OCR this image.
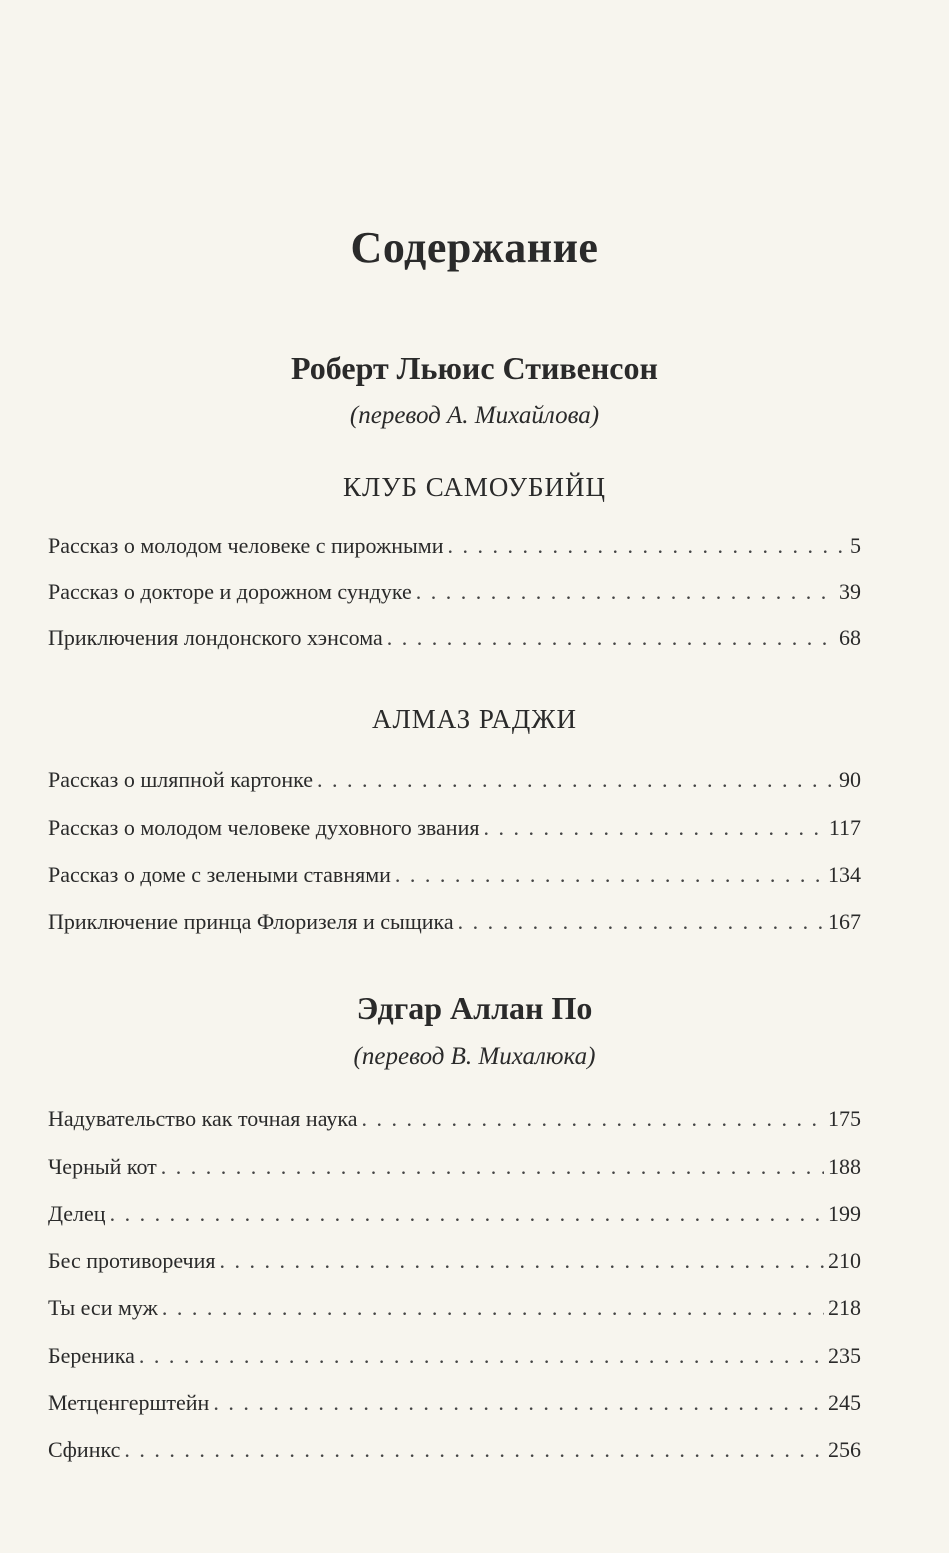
Содержание
Роберт Льюис Стивенсон
(перевод А. Михайлова)
КЛУБ САМОУБИЙЦ
Рассказ о молодом человеке с пирожными . . .	5
Рассказ о докторе и дорожном сундуке . . .	39
Приключения лондонского хэнсома . . .	68
АЛМАЗ РАДЖИ
Рассказ о шляпной картонке . . .	90
Рассказ о молодом человеке духовного звания . . .	117
Рассказ о доме с зелеными ставнями . . .	134
Приключение принца Флоризеля и сыщика . . .	167
Эдгар Аллан По
(перевод В. Михалюка)
Надувательство как точная наука . . .	175
Черный кот . . .	188
Делец . . .	199
Бес противоречия . . .	210
Ты еси муж . . .	218
Береника . . .	235
Метценгерштейн . . .	245
Сфинкс . . .	256
